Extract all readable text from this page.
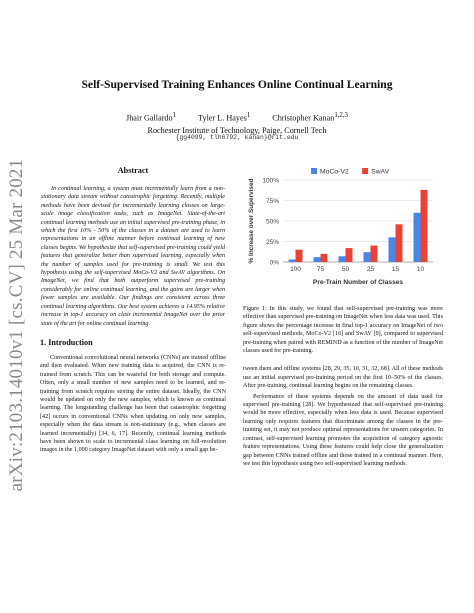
arXiv:2103.14010v1 [cs.CV] 25 Mar 2021
Self-Supervised Training Enhances Online Continual Learning
Jhair Gallardo$^1$	Tyler L. Hayes$^1$	Christopher Kanan$^{1,2,3}$
Rochester Institute of Technology, Paige, Cornell Tech
{gg4099, tlh6792, kanan}@rit.edu
Abstract

In continual learning, a system must incrementally learn from a non-stationary data stream without catastrophic forgetting. Recently, multiple methods have been devised for incrementally learning classes on large-scale image classification tasks, such as ImageNet. State-of-the-art continual learning methods use an initial supervised pre-training phase, in which the first 10% - 50% of the classes in a dataset are used to learn representations in an offline manner before continual learning of new classes begins. We hypothesize that self-supervised pre-training could yield features that generalize better than supervised learning, especially when the number of samples used for pre-training is small. We test this hypothesis using the self-supervised MoCo-V2 and SwAV algorithms. On ImageNet, we find that both outperform supervised pre-training considerably for online continual learning, and the gains are larger when fewer samples are available. Our findings are consistent across three continual learning algorithms. Our best system achieves a 14.95% relative increase in top-1 accuracy on class incremental ImageNet over the prior state of the art for online continual learning.

1. Introduction

Conventional convolutional neural networks (CNNs) are trained offline and then evaluated. When new training data is acquired, the CNN is re-trained from scratch. This can be wasteful for both storage and compute. Often, only a small number of new samples need to be learned, and re-training from scratch requires storing the entire dataset. Ideally, the CNN would be updated on only the new samples, which is known as continual learning. The longstanding challenge has been that catastrophic forgetting [42] occurs in conventional CNNs when updating on only new samples, especially when the data stream is non-stationary (e.g., when classes are learned incrementally) [34, 6, 17]. Recently, continual learning methods have been shown to scale to incremental class learning on full-resolution images in the 1,000 category ImageNet dataset with only a small gap be-

0%
25%
50%
75%
100%
100 75	50	25	15	10
Pre-Train Number of Classes
% Increase over Supervised
MoCo-V2	SwAV

Figure 1: In this study, we found that self-supervised pre-training was more effective than supervised pre-training on ImageNet when less data was used. This figure shows the percentage increase in final top-1 accuracy on ImageNet of two self-supervised methods, MoCo-V2 [16] and SwAV [9], compared to supervised pre-training when paired with REMIND as a function of the number of ImageNet classes used for pre-training.

tween them and offline systems [28, 29, 35, 10, 31, 32, 68]. All of these methods use an initial supervised pre-training period on the first 10–50% of the classes. After pre-training, continual learning begins on the remaining classes.

Performance of these systems depends on the amount of data used for supervised pre-training [28]. We hypothesized that self-supervised pre-training would be more effective, especially when less data is used. Because supervised learning only requires features that discriminate among the classes in the pre-training set, it may not produce optimal representations for unseen categories. In contrast, self-supervised learning promotes the acquisition of category agnostic feature representations. Using these features could help close the generalization gap between CNNs trained offline and those trained in a continual manner. Here, we test this hypothesis using two self-supervised learning methods.
